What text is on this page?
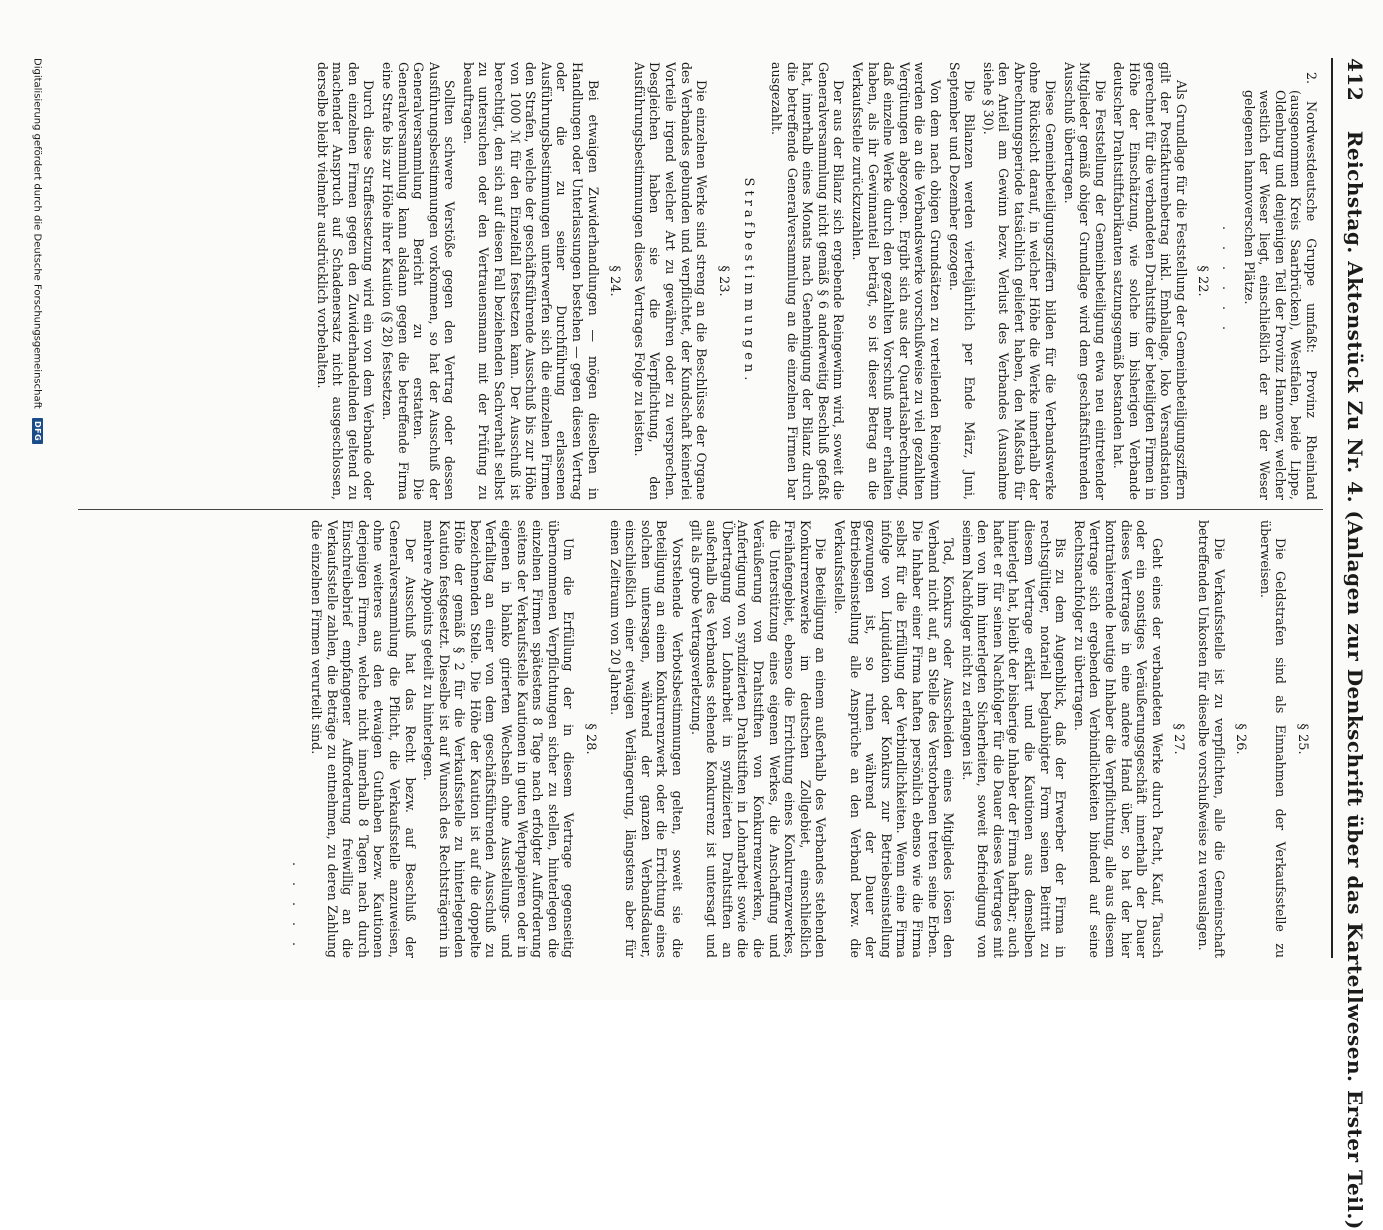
412 Reichstag. Aktenstück Zu Nr. 4. (Anlagen zur Denkschrift über das Kartellwesen. Erster Teil.)

2. Nordwestdeutsche Gruppe umfaßt: Provinz Rheinland (ausgenommen Kreis Saarbrücken), Westfalen, beide Lippe, Oldenburg und denjenigen Teil der Provinz Hannover, welcher westlich der Weser liegt, einschließlich der an der Weser gelegenen hannoverschen Plätze.

. . . . . .

§ 22.

Als Grundlage für die Feststellung der Gemeinbeteiligungsziffern gilt der Postfakturenbetrag inkl. Emballage, loko Versandstation gerechnet für die verbandeten Drahtstifte der beteiligten Firmen in Höhe der Einschätzung, wie solche im bisherigen Verbande deutscher Drahtstiftfabrikanten satzungsgemäß bestanden hat.

Die Feststellung der Gemeinbeteiligung etwa neu eintretender Mitglieder gemäß obiger Grundlage wird dem geschäftsführenden Ausschuß übertragen.

Diese Gemeinbeteiligungsziffern bilden für die Verbandswerke ohne Rücksicht darauf, in welcher Höhe die Werke innerhalb der Abrechnungsperiode tatsächlich geliefert haben, den Maßstab für den Anteil am Gewinn bezw. Verlust des Verbandes (Ausnahme siehe § 30).

Die Bilanzen werden vierteljährlich per Ende März, Juni, September und Dezember gezogen.

Von dem nach obigen Grundsätzen zu verteilenden Reingewinn werden die an die Verbandswerke vorschußweise zu viel gezahlten Vergütungen abgezogen. Ergibt sich aus der Quartalsabrechnung, daß einzelne Werke durch den gezahlten Vorschuß mehr erhalten haben, als ihr Gewinnanteil beträgt, so ist dieser Betrag an die Verkaufsstelle zurückzuzahlen.

Der aus der Bilanz sich ergebende Reingewinn wird, soweit die Generalversammlung nicht gemäß § 6 anderweitig Beschluß gefaßt hat, innerhalb eines Monats nach Genehmigung der Bilanz durch die betreffende Generalversammlung an die einzelnen Firmen bar ausgezahlt.

Strafbestimmungen.

§ 23.

Die einzelnen Werke sind streng an die Beschlüsse der Organe des Verbandes gebunden und verpflichtet, der Kundschaft keinerlei Vorteile irgend welcher Art zu gewähren oder zu versprechen. Desgleichen haben sie die Verpflichtung, den Ausführungsbestimmungen dieses Vertrages Folge zu leisten.

§ 24.

Bei etwaigen Zuwiderhandlungen — mögen dieselben in Handlungen oder Unterlassungen bestehen — gegen diesen Vertrag oder die zu seiner Durchführung erlassenen Ausführungsbestimmungen unterwerfen sich die einzelnen Firmen den Strafen, welche der geschäftsführende Ausschuß bis zur Höhe von 1000 ℳ für den Einzelfall festsetzen kann. Der Ausschuß ist berechtigt, den sich auf diesen Fall beziehenden Sachverhalt selbst zu untersuchen oder den Vertrauensmann mit der Prüfung zu beauftragen.

Sollten schwere Verstöße gegen den Vertrag oder dessen Ausführungsbestimmungen vorkommen, so hat der Ausschuß der Generalversammlung Bericht zu erstatten. Die Generalversammlung kann alsdann gegen die betreffende Firma eine Strafe bis zur Höhe ihrer Kaution (§ 28) festsetzen.

Durch diese Straffestsetzung wird ein von dem Verbande oder den einzelnen Firmen gegen den Zuwiderhandelnden geltend zu machender Anspruch auf Schadenersatz nicht ausgeschlossen, derselbe bleibt vielmehr ausdrücklich vorbehalten.

§ 25.

Die Geldstrafen sind als Einnahmen der Verkaufsstelle zu überweisen.

§ 26.

Die Verkaufsstelle ist zu verpflichten, alle die Gemeinschaft betreffenden Unkosten für dieselbe vorschußweise zu verauslagen.

§ 27.

Geht eines der verbandeten Werke durch Pacht, Kauf, Tausch oder ein sonstiges Veräußerungsgeschäft innerhalb der Dauer dieses Vertrages in eine andere Hand über, so hat der hier kontrahierende heutige Inhaber die Verpflichtung, alle aus diesem Vertrage sich ergebenden Verbindlichkeiten bindend auf seine Rechtsnachfolger zu übertragen.

Bis zu dem Augenblick, daß der Erwerber der Firma in rechtsgültiger, notariell beglaubigter Form seinen Beitritt zu diesem Vertrage erklärt und die Kautionen aus demselben hinterlegt hat, bleibt der bisherige Inhaber der Firma haftbar; auch haftet er für seinen Nachfolger für die Dauer dieses Vertrages mit den von ihm hinterlegten Sicherheiten, soweit Befriedigung von seinem Nachfolger nicht zu erlangen ist.

Tod, Konkurs oder Ausscheiden eines Mitgliedes lösen den Verband nicht auf, an Stelle des Verstorbenen treten seine Erben. Die Inhaber einer Firma haften persönlich ebenso wie die Firma selbst für die Erfüllung der Verbindlichkeiten. Wenn eine Firma infolge von Liquidation oder Konkurs zur Betriebseinstellung gezwungen ist, so ruhen während der Dauer der Betriebseinstellung alle Ansprüche an den Verband bezw. die Verkaufsstelle.

Die Beteiligung an einem außerhalb des Verbandes stehenden Konkurrenzwerke im deutschen Zollgebiet, einschließlich Freihafengebiet, ebenso die Errichtung eines Konkurrenzwerkes, die Unterstützung eines eigenen Werkes, die Anschaffung und Veräußerung von Drahtstiften von Konkurrenzwerken, die Anfertigung von syndizierten Drahtstiften in Lohnarbeit sowie die Übertragung von Lohnarbeit in syndizierten Drahtstiften an außerhalb des Verbandes stehende Konkurrenz ist untersagt und gilt als grobe Vertragsverletzung.

Vorstehende Verbotsbestimmungen gelten, soweit sie die Beteiligung an einem Konkurrenzwerk oder die Errichtung eines solchen untersagen, während der ganzen Verbandsdauer, einschließlich einer etwaigen Verlängerung, längstens aber für einen Zeitraum von 20 Jahren.

§ 28.

Um die Erfüllung der in diesem Vertrage gegenseitig übernommenen Verpflichtungen sicher zu stellen, hinterlegen die einzelnen Firmen spätestens 8 Tage nach erfolgter Aufforderung seitens der Verkaufsstelle Kautionen in guten Wertpapieren oder in eigenen in blanko girierten Wechseln ohne Ausstellungs- und Verfalltag an einer von dem geschäftsführenden Ausschuß zu bezeichnenden Stelle. Die Höhe der Kaution ist auf die doppelte Höhe der gemäß § 2 für die Verkaufsstelle zu hinterlegenden Kaution festgesetzt. Dieselbe ist auf Wunsch des Rechtsträgerin in mehrere Appoints geteilt zu hinterlegen.

Der Ausschuß hat das Recht bezw. auf Beschluß der Generalversammlung die Pflicht, die Verkaufsstelle anzuweisen, ohne weiteres aus den etwaigen Guthaben bezw. Kautionen derjenigen Firmen, welche nicht innerhalb 8 Tagen nach durch Einschreibebrief empfangener Aufforderung freiwillig an die Verkaufsstelle zahlen, die Beträge zu entnehmen, zu deren Zahlung die einzelnen Firmen verurteilt sind.

. . . . .

Digitalisierung gefördert durch die Deutsche Forschungsgemeinschaft DFG
